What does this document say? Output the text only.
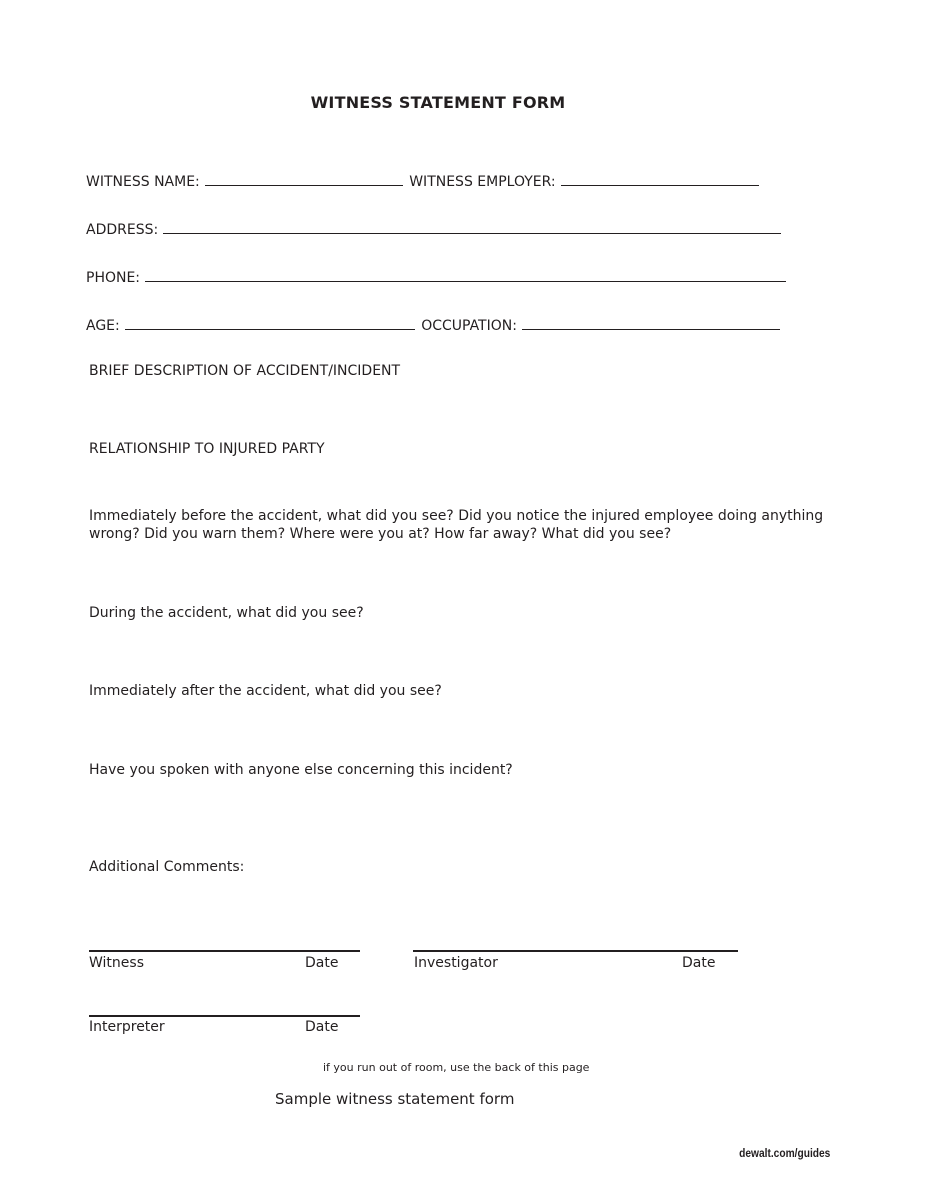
WITNESS STATEMENT FORM
WITNESS NAME:	WITNESS EMPLOYER:
ADDRESS:
PHONE:
AGE:	OCCUPATION:
BRIEF DESCRIPTION OF ACCIDENT/INCIDENT
RELATIONSHIP TO INJURED PARTY
Immediately before the accident, what did you see? Did you notice the injured employee doing anything wrong? Did you warn them? Where were you at? How far away? What did you see?
During the accident, what did you see?
Immediately after the accident, what did you see?
Have you spoken with anyone else concerning this incident?
Additional Comments:
Witness	Date	Investigator	Date
Interpreter	Date
if you run out of room, use the back of this page
Sample witness statement form
dewalt.com/guides
